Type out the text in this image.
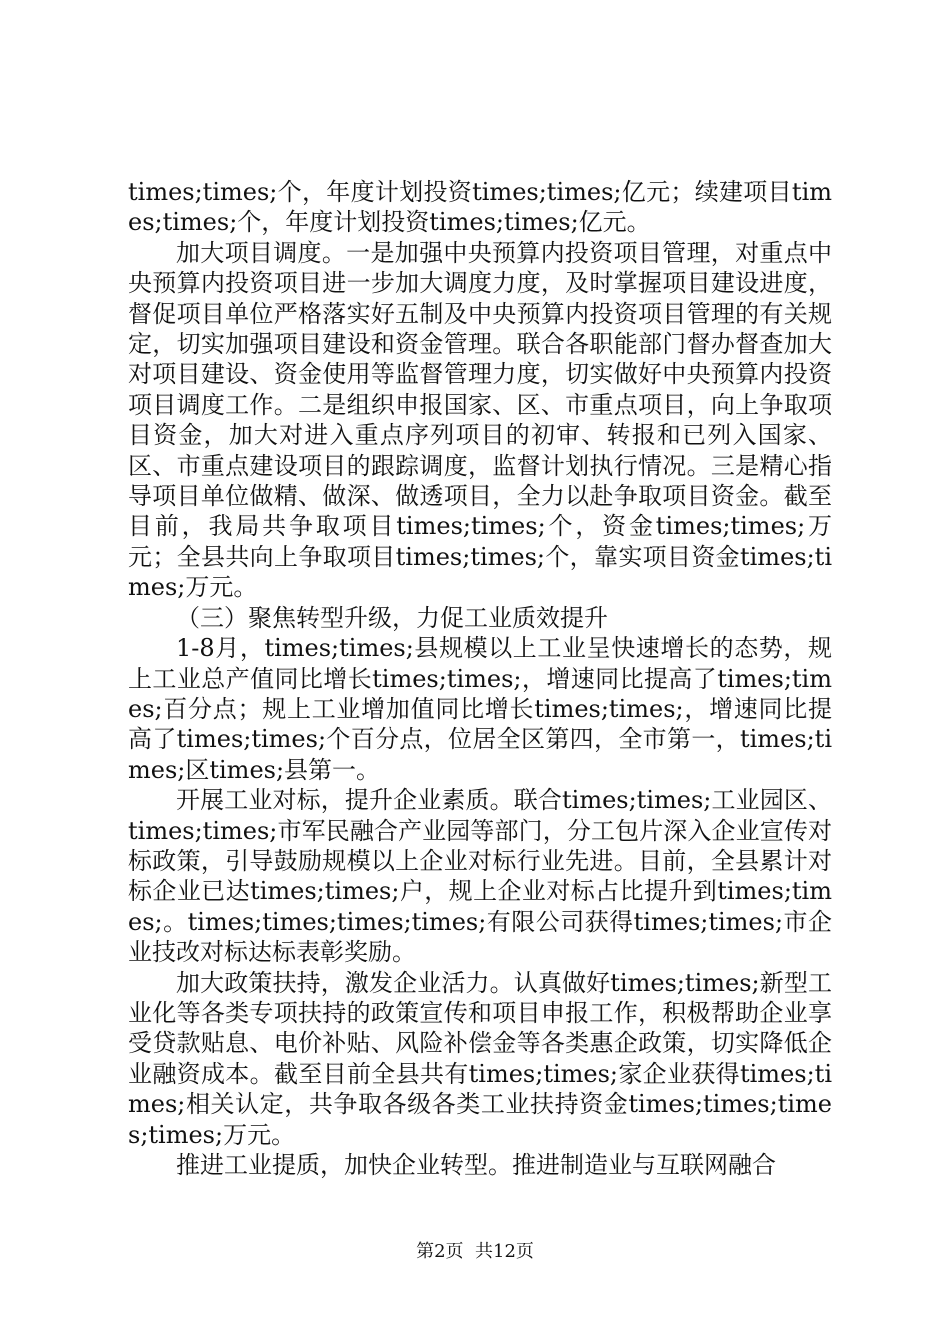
times;times;个，年度计划投资times;times;亿元；续建项目times;times;个，年度计划投资times;times;亿元。

加大项目调度。一是加强中央预算内投资项目管理，对重点中央预算内投资项目进一步加大调度力度，及时掌握项目建设进度，督促项目单位严格落实好五制及中央预算内投资项目管理的有关规定，切实加强项目建设和资金管理。联合各职能部门督办督查加大对项目建设、资金使用等监督管理力度，切实做好中央预算内投资项目调度工作。二是组织申报国家、区、市重点项目，向上争取项目资金，加大对进入重点序列项目的初审、转报和已列入国家、区、市重点建设项目的跟踪调度，监督计划执行情况。三是精心指导项目单位做精、做深、做透项目，全力以赴争取项目资金。截至目前，我局共争取项目times;times;个，资金times;times;万元；全县共向上争取项目times;times;个，靠实项目资金times;times;万元。

（三）聚焦转型升级，力促工业质效提升

1-8月，times;times;县规模以上工业呈快速增长的态势，规上工业总产值同比增长times;times;，增速同比提高了times;times;百分点；规上工业增加值同比增长times;times;，增速同比提高了times;times;个百分点，位居全区第四，全市第一，times;times;区times;县第一。

开展工业对标，提升企业素质。联合times;times;工业园区、times;times;市军民融合产业园等部门，分工包片深入企业宣传对标政策，引导鼓励规模以上企业对标行业先进。目前，全县累计对标企业已达times;times;户，规上企业对标占比提升到times;times;。times;times;times;times;有限公司获得times;times;市企业技改对标达标表彰奖励。

加大政策扶持，激发企业活力。认真做好times;times;新型工业化等各类专项扶持的政策宣传和项目申报工作，积极帮助企业享受贷款贴息、电价补贴、风险补偿金等各类惠企政策，切实降低企业融资成本。截至目前全县共有times;times;家企业获得times;times;相关认定，共争取各级各类工业扶持资金times;times;times;times;万元。

推进工业提质，加快企业转型。推进制造业与互联网融合

第2页  共12页
